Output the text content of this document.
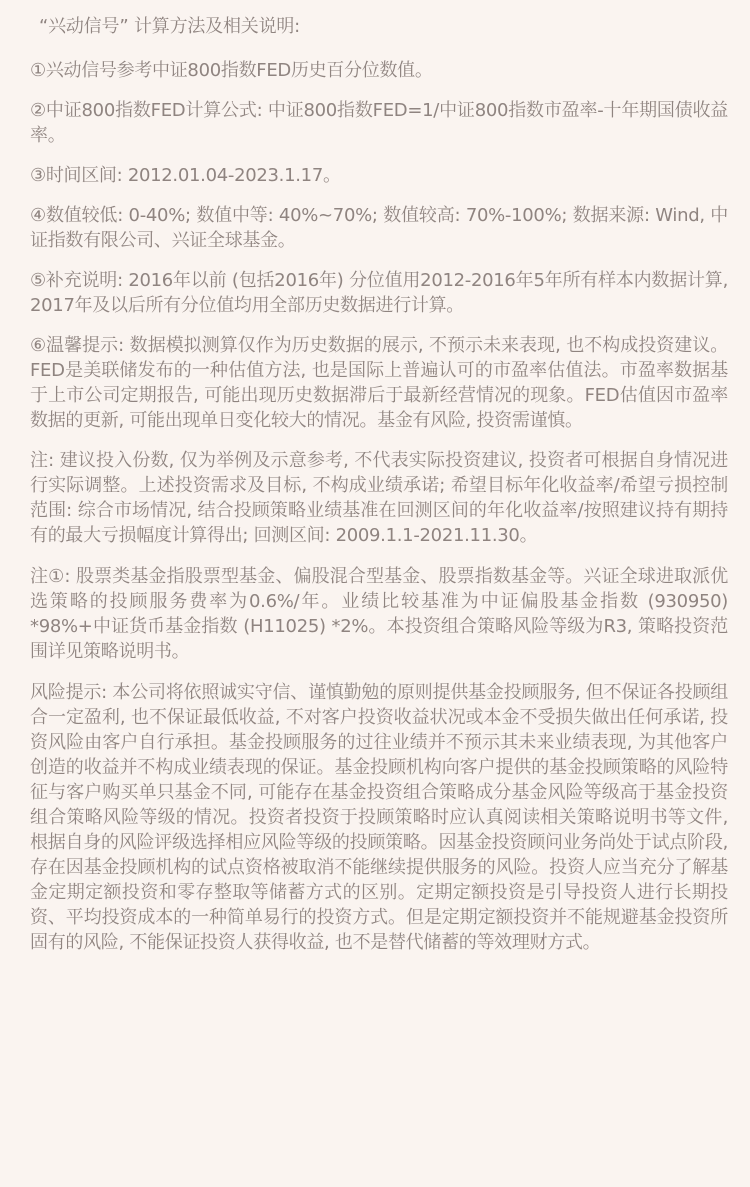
“兴动信号” 计算方法及相关说明:
①兴动信号参考中证800指数FED历史百分位数值。
②中证800指数FED计算公式: 中证800指数FED=1/中证800指数市盈率-十年期国债收益率。
③时间区间: 2012.01.04-2023.1.17。
④数值较低: 0-40%; 数值中等: 40%~70%; 数值较高: 70%-100%; 数据来源: Wind, 中证指数有限公司、兴证全球基金。
⑤补充说明: 2016年以前 (包括2016年) 分位值用2012-2016年5年所有样本内数据计算, 2017年及以后所有分位值均用全部历史数据进行计算。
⑥温馨提示: 数据模拟测算仅作为历史数据的展示, 不预示未来表现, 也不构成投资建议。FED是美联储发布的一种估值方法, 也是国际上普遍认可的市盈率估值法。市盈率数据基于上市公司定期报告, 可能出现历史数据滞后于最新经营情况的现象。FED估值因市盈率数据的更新, 可能出现单日变化较大的情况。基金有风险, 投资需谨慎。
注: 建议投入份数, 仅为举例及示意参考, 不代表实际投资建议, 投资者可根据自身情况进行实际调整。上述投资需求及目标, 不构成业绩承诺; 希望目标年化收益率/希望亏损控制范围: 综合市场情况, 结合投顾策略业绩基准在回测区间的年化收益率/按照建议持有期持有的最大亏损幅度计算得出; 回测区间: 2009.1.1-2021.11.30。
注①: 股票类基金指股票型基金、偏股混合型基金、股票指数基金等。兴证全球进取派优选策略的投顾服务费率为0.6%/年。业绩比较基准为中证偏股基金指数 (930950) *98%+中证货币基金指数 (H11025) *2%。本投资组合策略风险等级为R3, 策略投资范围详见策略说明书。
风险提示: 本公司将依照诚实守信、谨慎勤勉的原则提供基金投顾服务, 但不保证各投顾组合一定盈利, 也不保证最低收益, 不对客户投资收益状况或本金不受损失做出任何承诺, 投资风险由客户自行承担。基金投顾服务的过往业绩并不预示其未来业绩表现, 为其他客户创造的收益并不构成业绩表现的保证。基金投顾机构向客户提供的基金投顾策略的风险特征与客户购买单只基金不同, 可能存在基金投资组合策略成分基金风险等级高于基金投资组合策略风险等级的情况。投资者投资于投顾策略时应认真阅读相关策略说明书等文件, 根据自身的风险评级选择相应风险等级的投顾策略。因基金投资顾问业务尚处于试点阶段, 存在因基金投顾机构的试点资格被取消不能继续提供服务的风险。投资人应当充分了解基金定期定额投资和零存整取等储蓄方式的区别。定期定额投资是引导投资人进行长期投资、平均投资成本的一种简单易行的投资方式。但是定期定额投资并不能规避基金投资所固有的风险, 不能保证投资人获得收益, 也不是替代储蓄的等效理财方式。
